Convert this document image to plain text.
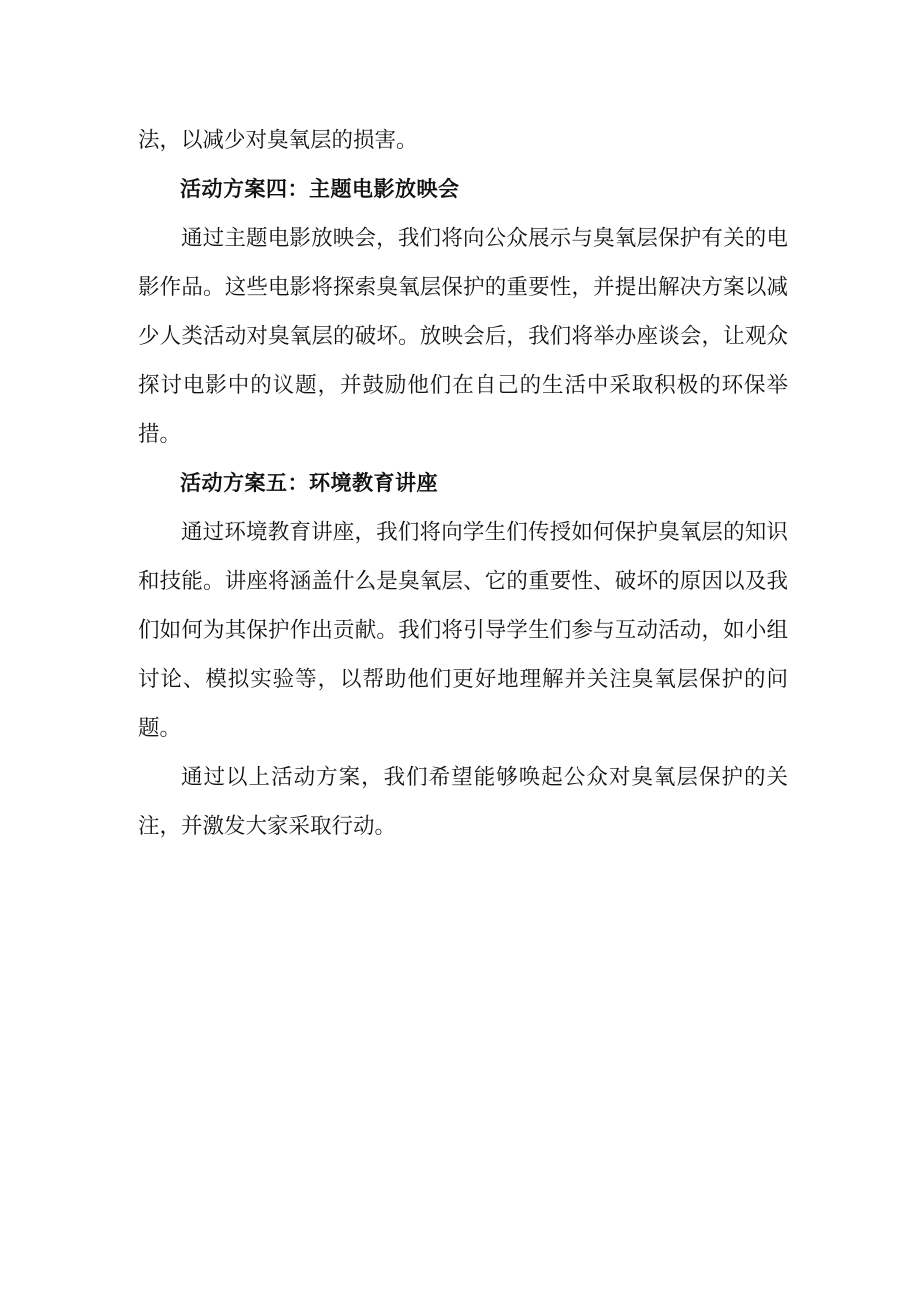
法，以减少对臭氧层的损害。

活动方案四：主题电影放映会

通过主题电影放映会，我们将向公众展示与臭氧层保护有关的电影作品。这些电影将探索臭氧层保护的重要性，并提出解决方案以减少人类活动对臭氧层的破坏。放映会后，我们将举办座谈会，让观众探讨电影中的议题，并鼓励他们在自己的生活中采取积极的环保举措。

活动方案五：环境教育讲座

通过环境教育讲座，我们将向学生们传授如何保护臭氧层的知识和技能。讲座将涵盖什么是臭氧层、它的重要性、破坏的原因以及我们如何为其保护作出贡献。我们将引导学生们参与互动活动，如小组讨论、模拟实验等，以帮助他们更好地理解并关注臭氧层保护的问题。

通过以上活动方案，我们希望能够唤起公众对臭氧层保护的关注，并激发大家采取行动。
